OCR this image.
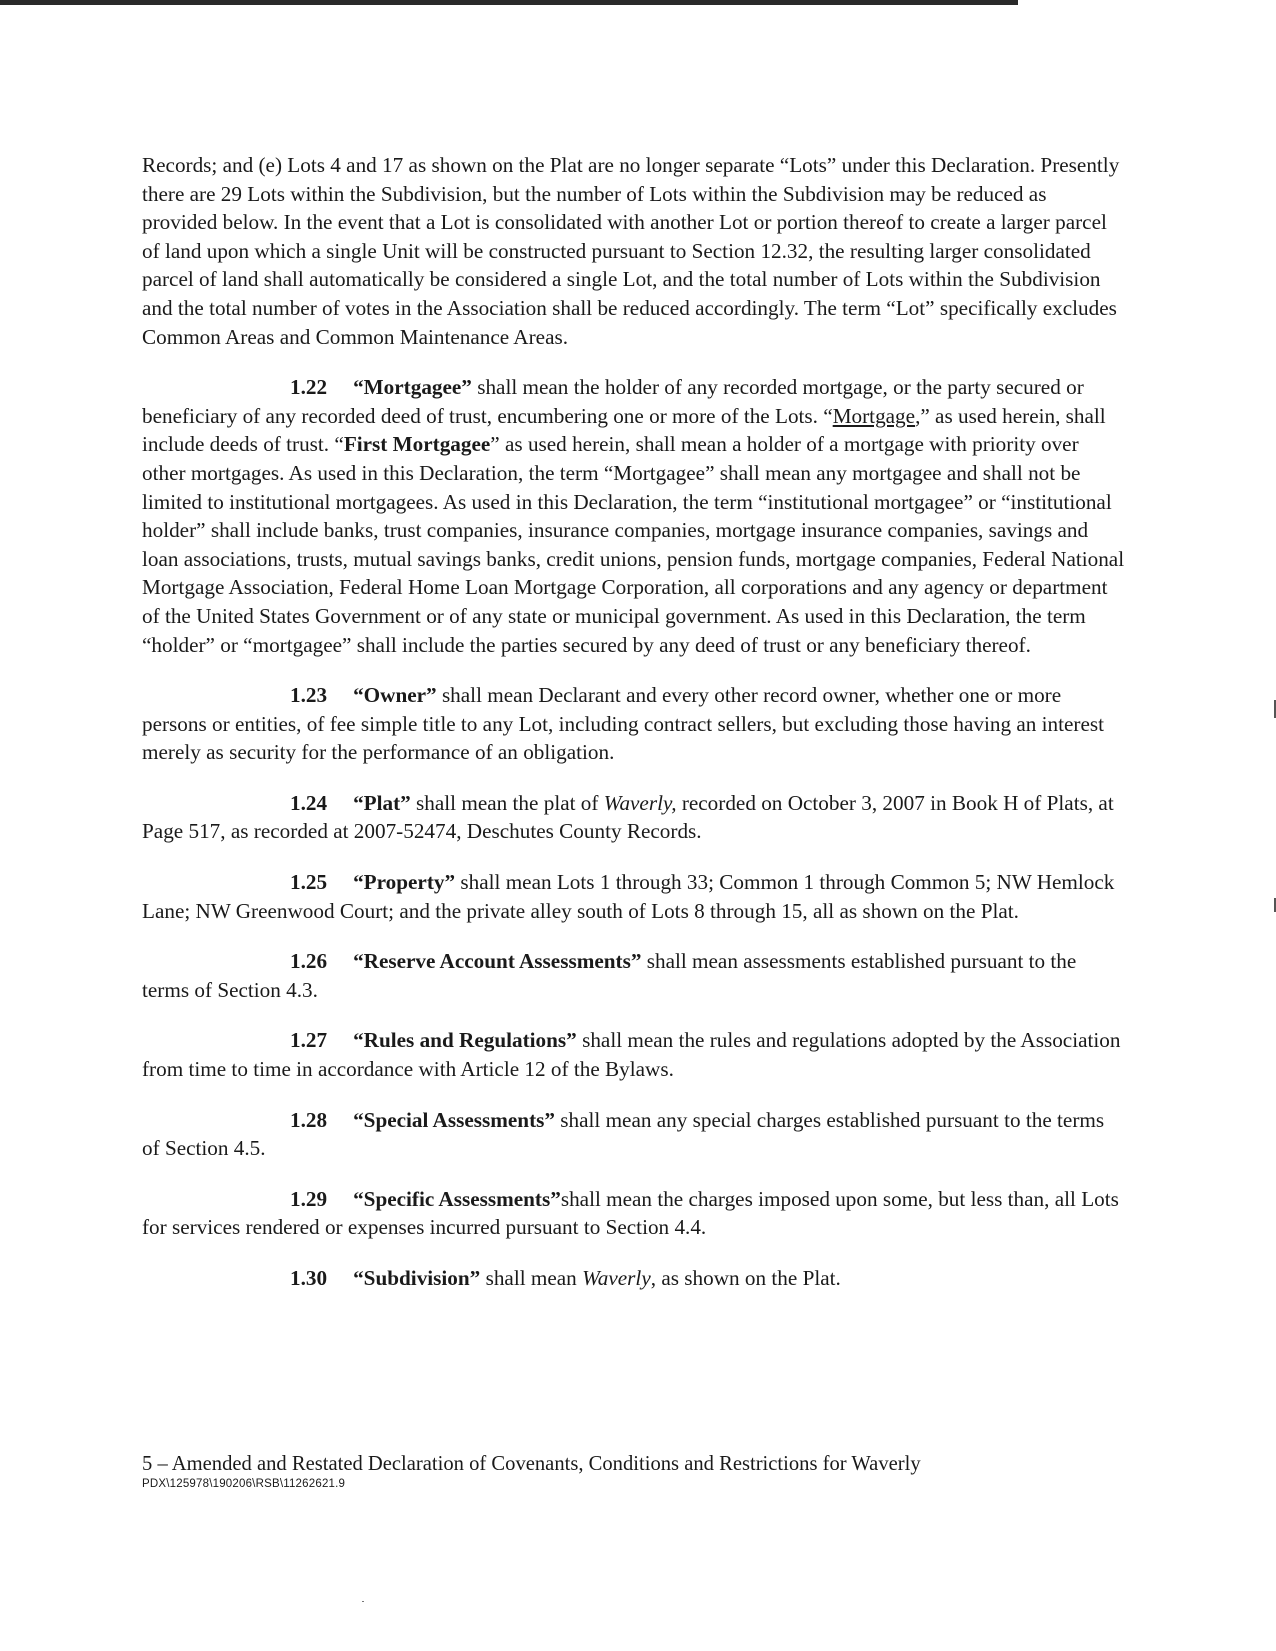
Records; and (e) Lots 4 and 17 as shown on the Plat are no longer separate “Lots” under this Declaration. Presently there are 29 Lots within the Subdivision, but the number of Lots within the Subdivision may be reduced as provided below. In the event that a Lot is consolidated with another Lot or portion thereof to create a larger parcel of land upon which a single Unit will be constructed pursuant to Section 12.32, the resulting larger consolidated parcel of land shall automatically be considered a single Lot, and the total number of Lots within the Subdivision and the total number of votes in the Association shall be reduced accordingly. The term “Lot” specifically excludes Common Areas and Common Maintenance Areas.

1.22 “Mortgagee” shall mean the holder of any recorded mortgage, or the party secured or beneficiary of any recorded deed of trust, encumbering one or more of the Lots. “Mortgage,” as used herein, shall include deeds of trust. “First Mortgagee” as used herein, shall mean a holder of a mortgage with priority over other mortgages. As used in this Declaration, the term “Mortgagee” shall mean any mortgagee and shall not be limited to institutional mortgagees. As used in this Declaration, the term “institutional mortgagee” or “institutional holder” shall include banks, trust companies, insurance companies, mortgage insurance companies, savings and loan associations, trusts, mutual savings banks, credit unions, pension funds, mortgage companies, Federal National Mortgage Association, Federal Home Loan Mortgage Corporation, all corporations and any agency or department of the United States Government or of any state or municipal government. As used in this Declaration, the term “holder” or “mortgagee” shall include the parties secured by any deed of trust or any beneficiary thereof.

1.23 “Owner” shall mean Declarant and every other record owner, whether one or more persons or entities, of fee simple title to any Lot, including contract sellers, but excluding those having an interest merely as security for the performance of an obligation.

1.24 “Plat” shall mean the plat of Waverly, recorded on October 3, 2007 in Book H of Plats, at Page 517, as recorded at 2007-52474, Deschutes County Records.

1.25 “Property” shall mean Lots 1 through 33; Common 1 through Common 5; NW Hemlock Lane; NW Greenwood Court; and the private alley south of Lots 8 through 15, all as shown on the Plat.

1.26 “Reserve Account Assessments” shall mean assessments established pursuant to the terms of Section 4.3.

1.27 “Rules and Regulations” shall mean the rules and regulations adopted by the Association from time to time in accordance with Article 12 of the Bylaws.

1.28 “Special Assessments” shall mean any special charges established pursuant to the terms of Section 4.5.

1.29 “Specific Assessments”shall mean the charges imposed upon some, but less than, all Lots for services rendered or expenses incurred pursuant to Section 4.4.

1.30 “Subdivision” shall mean Waverly, as shown on the Plat.

5 – Amended and Restated Declaration of Covenants, Conditions and Restrictions for Waverly
PDX\125978\190206\RSB\11262621.9
